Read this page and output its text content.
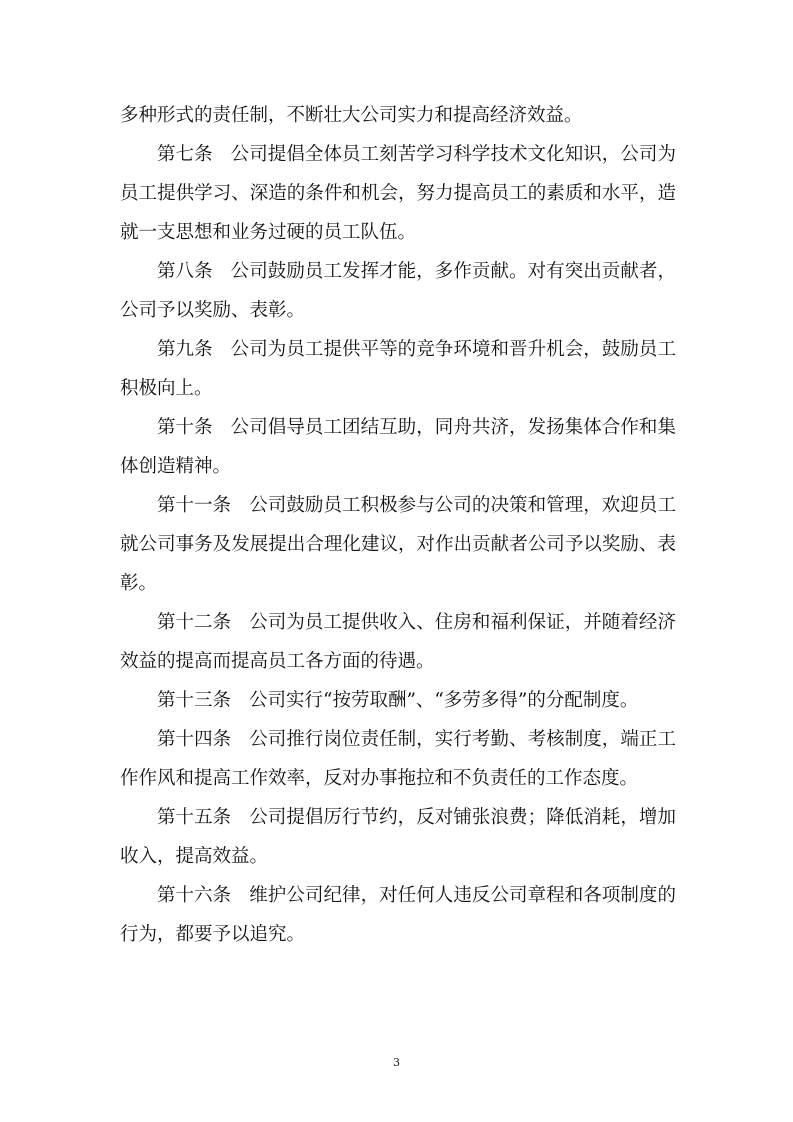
多种形式的责任制，不断壮大公司实力和提高经济效益。

第七条 公司提倡全体员工刻苦学习科学技术文化知识，公司为员工提供学习、深造的条件和机会，努力提高员工的素质和水平，造就一支思想和业务过硬的员工队伍。

第八条 公司鼓励员工发挥才能，多作贡献。对有突出贡献者，公司予以奖励、表彰。

第九条 公司为员工提供平等的竞争环境和晋升机会，鼓励员工积极向上。

第十条 公司倡导员工团结互助，同舟共济，发扬集体合作和集体创造精神。

第十一条 公司鼓励员工积极参与公司的决策和管理，欢迎员工就公司事务及发展提出合理化建议，对作出贡献者公司予以奖励、表彰。

第十二条 公司为员工提供收入、住房和福利保证，并随着经济效益的提高而提高员工各方面的待遇。

第十三条 公司实行“按劳取酬”、“多劳多得”的分配制度。

第十四条 公司推行岗位责任制，实行考勤、考核制度，端正工作作风和提高工作效率，反对办事拖拉和不负责任的工作态度。

第十五条 公司提倡厉行节约，反对铺张浪费；降低消耗，增加收入，提高效益。

第十六条 维护公司纪律，对任何人违反公司章程和各项制度的行为，都要予以追究。

3
